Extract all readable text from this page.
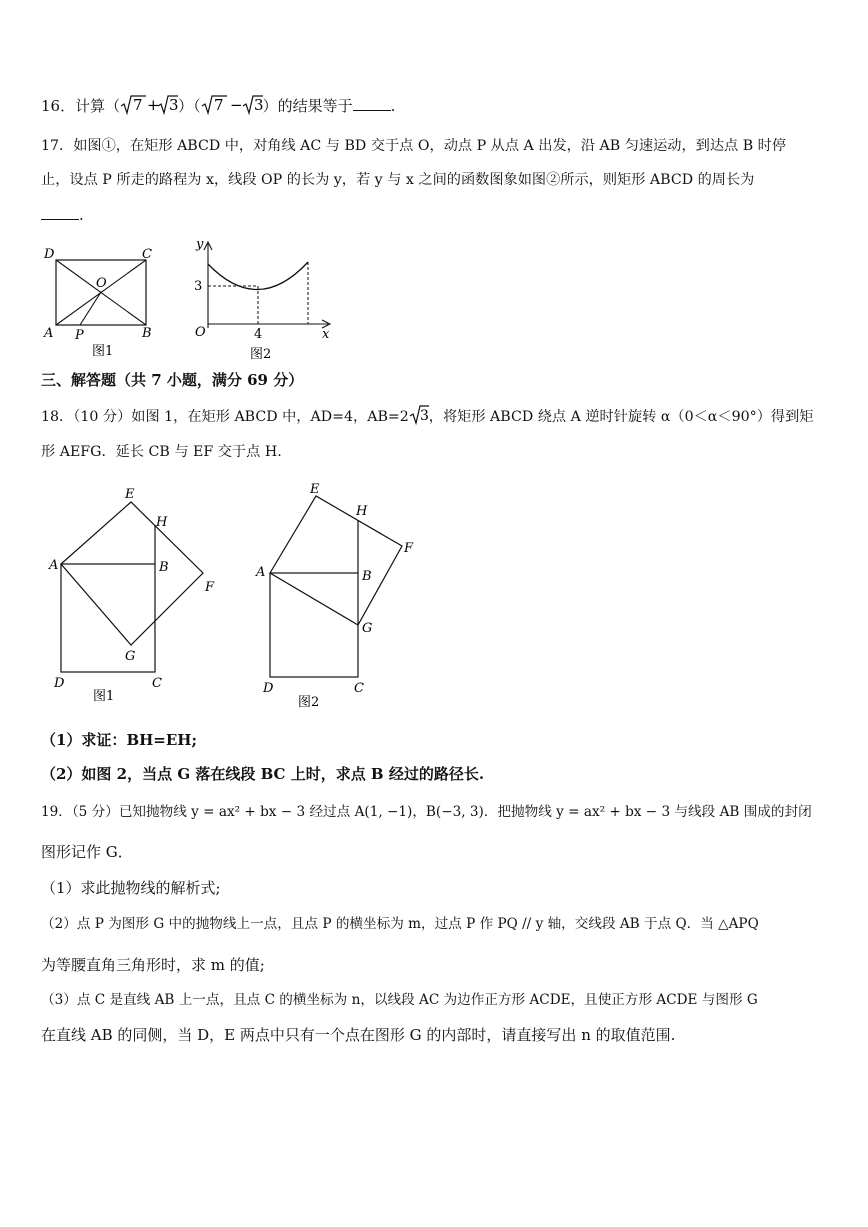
16．计算（ 7 + 3 ）（ 7 − 3 ）的结果等于	.
17．如图①，在矩形 ABCD 中，对角线 AC 与 BD 交于点 O，动点 P 从点 A 出发，沿 AB 匀速运动，到达点 B 时停
止，设点 P 所走的路程为 x，线段 OP 的长为 y，若 y 与 x 之间的函数图象如图②所示，则矩形 ABCD 的周长为
.
D	C
O
A P	B
图1
y
3
O	4	x
图2
三、解答题（共 7 小题，满分 69 分）
18．（10 分）如图 1，在矩形 ABCD 中，AD=4，AB=2 3 ，将矩形 ABCD 绕点 A 逆时针旋转 α（0＜α＜90°）得到矩
形 AEFG．延长 CB 与 EF 交于点 H.
E
H
A	B
F
G
D	C
图1
E
H
F
A	B
G
D	C
图2
（1）求证：BH=EH;
（2）如图 2，当点 G 落在线段 BC 上时，求点 B 经过的路径长.
19．（5 分）已知抛物线 y = ax² + bx − 3 经过点 A(1, −1)，B(−3, 3)．把抛物线 y = ax² + bx − 3 与线段 AB 围成的封闭
图形记作 G．
（1）求此抛物线的解析式;
（2）点 P 为图形 G 中的抛物线上一点，且点 P 的横坐标为 m，过点 P 作 PQ // y 轴，交线段 AB 于点 Q．当 △APQ
为等腰直角三角形时，求 m 的值;
（3）点 C 是直线 AB 上一点，且点 C 的横坐标为 n，以线段 AC 为边作正方形 ACDE，且使正方形 ACDE 与图形 G
在直线 AB 的同侧，当 D，E 两点中只有一个点在图形 G 的内部时，请直接写出 n 的取值范围.
